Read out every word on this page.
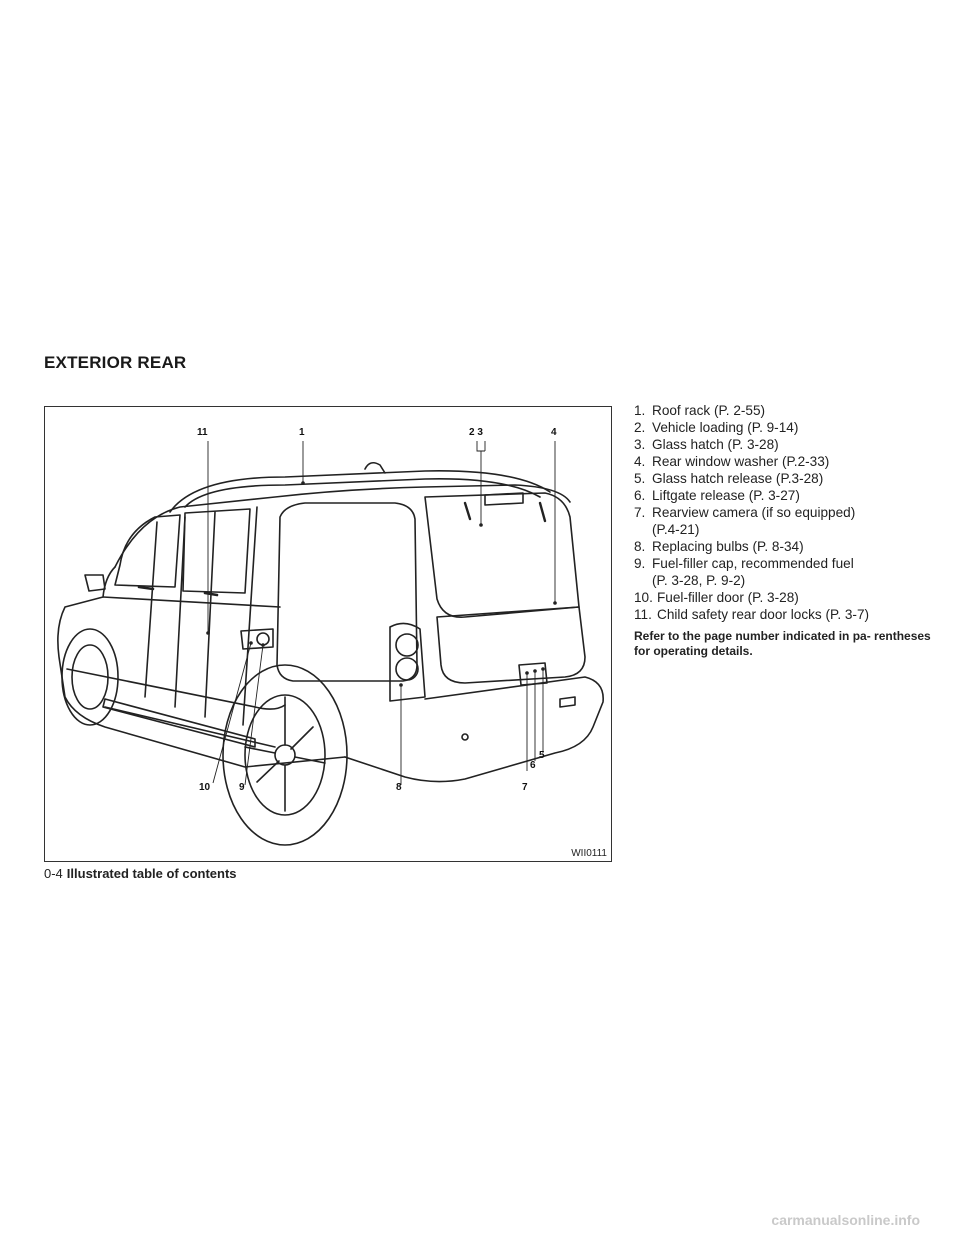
EXTERIOR REAR
11	1	2 3	4
5
6
7
8
9
10
WII0111
1. Roof rack (P. 2-55)
2. Vehicle loading (P. 9-14)
3. Glass hatch (P. 3-28)
4. Rear window washer (P.2-33)
5. Glass hatch release (P.3-28)
6. Liftgate release (P. 3-27)
7. Rearview camera (if so equipped)
(P.4-21)
8. Replacing bulbs (P. 8-34)
9. Fuel-filler cap, recommended fuel
(P. 3-28, P. 9-2)
10. Fuel-filler door (P. 3-28)
11. Child safety rear door locks (P. 3-7)

Refer to the page number indicated in pa- rentheses for operating details.

0-4 Illustrated table of contents
carmanualsonline.info
